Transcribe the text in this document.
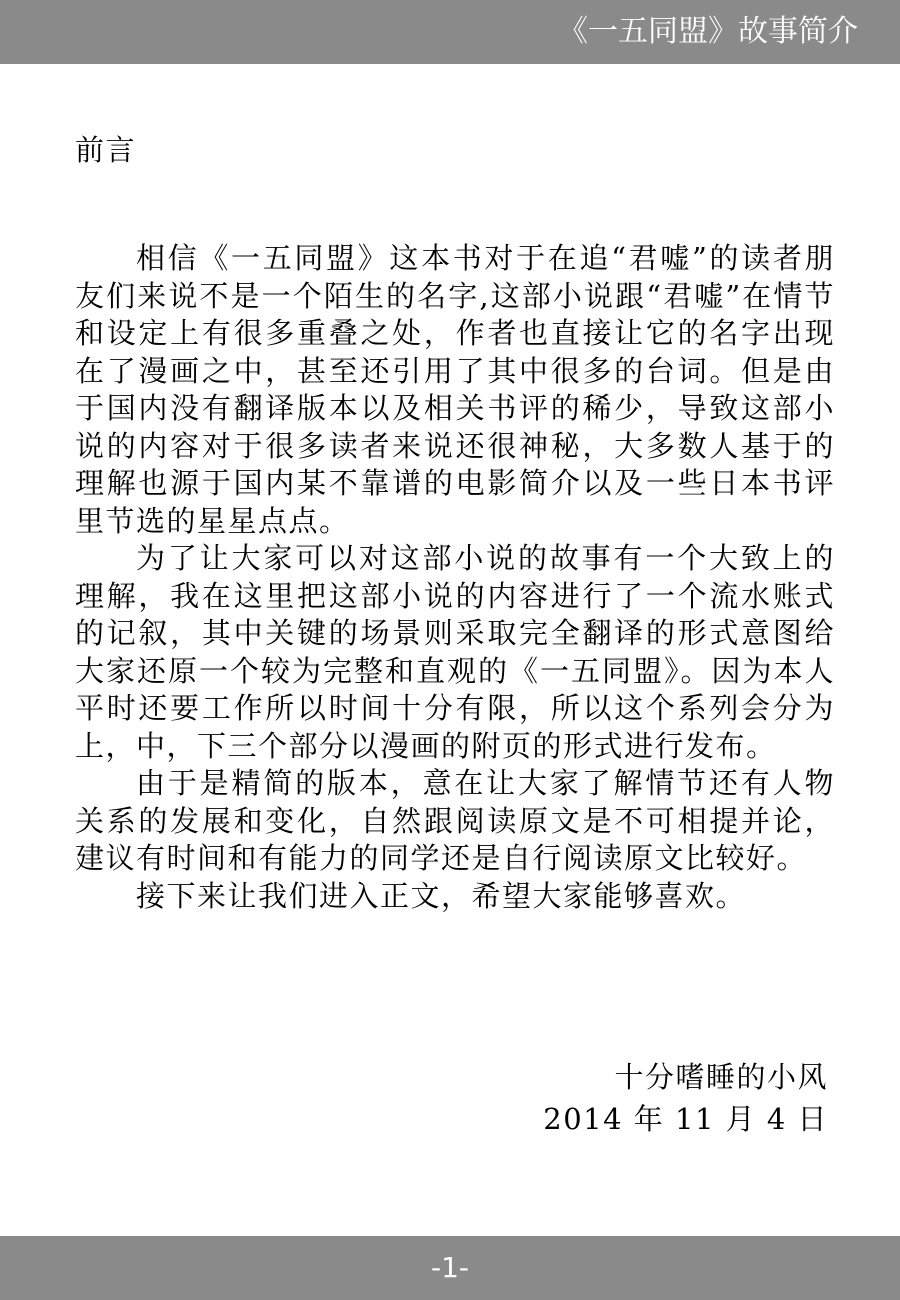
《一五同盟》故事简介
前言

相信《一五同盟》这本书对于在追“君嘘”的读者朋友们来说不是一个陌生的名字,这部小说跟“君嘘”在情节和设定上有很多重叠之处，作者也直接让它的名字出现在了漫画之中，甚至还引用了其中很多的台词。但是由于国内没有翻译版本以及相关书评的稀少，导致这部小说的内容对于很多读者来说还很神秘，大多数人基于的理解也源于国内某不靠谱的电影简介以及一些日本书评里节选的星星点点。

为了让大家可以对这部小说的故事有一个大致上的理解，我在这里把这部小说的内容进行了一个流水账式的记叙，其中关键的场景则采取完全翻译的形式意图给大家还原一个较为完整和直观的《一五同盟》。因为本人平时还要工作所以时间十分有限，所以这个系列会分为上，中，下三个部分以漫画的附页的形式进行发布。

由于是精简的版本，意在让大家了解情节还有人物关系的发展和变化，自然跟阅读原文是不可相提并论，建议有时间和有能力的同学还是自行阅读原文比较好。

接下来让我们进入正文，希望大家能够喜欢。

十分嗜睡的小风
2014 年 11 月 4 日
-1-
